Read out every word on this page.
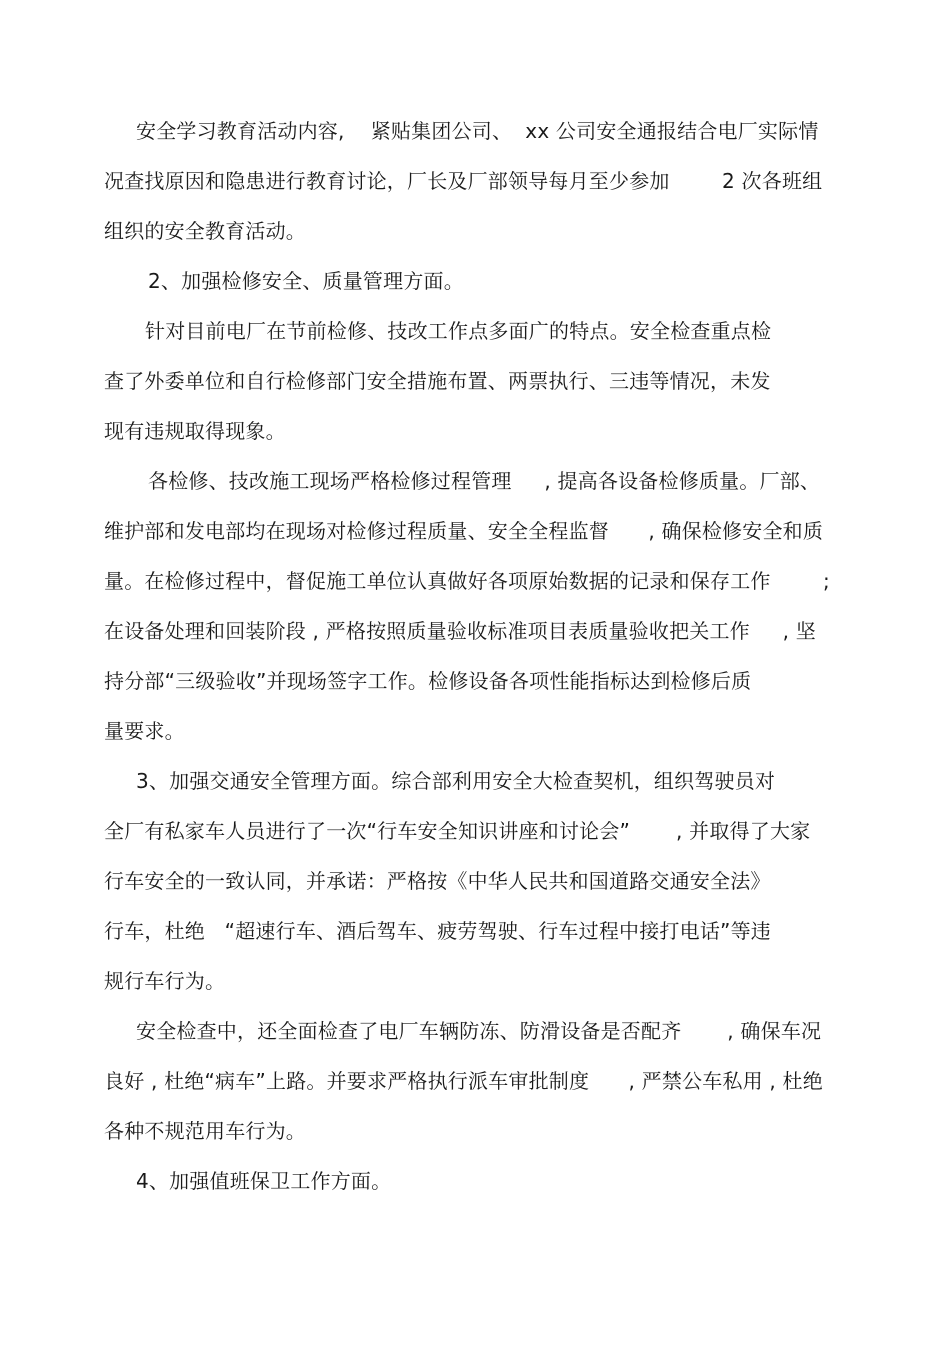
安全学习教育活动内容,    紧贴集团公司、  xx 公司安全通报结合电厂实际情
况查找原因和隐患进行教育讨论，厂长及厂部领导每月至少参加        2 次各班组
组织的安全教育活动。
2、加强检修安全、质量管理方面。
针对目前电厂在节前检修、技改工作点多面广的特点。安全检查重点检
查了外委单位和自行检修部门安全措施布置、两票执行、三违等情况，未发
现有违规取得现象。
各检修、技改施工现场严格检修过程管理     , 提高各设备检修质量。厂部、
维护部和发电部均在现场对检修过程质量、安全全程监督      , 确保检修安全和质
量。在检修过程中，督促施工单位认真做好各项原始数据的记录和保存工作        ;
在设备处理和回装阶段 , 严格按照质量验收标准项目表质量验收把关工作     , 坚
持分部“三级验收”并现场签字工作。检修设备各项性能指标达到检修后质
量要求。
3、加强交通安全管理方面。综合部利用安全大检查契机，组织驾驶员对
全厂有私家车人员进行了一次“行车安全知识讲座和讨论会”       , 并取得了大家
行车安全的一致认同，并承诺：严格按《中华人民共和国道路交通安全法》
行车，杜绝   “超速行车、酒后驾车、疲劳驾驶、行车过程中接打电话”等违
规行车行为。
安全检查中，还全面检查了电厂车辆防冻、防滑设备是否配齐       , 确保车况
良好 , 杜绝“病车”上路。并要求严格执行派车审批制度      , 严禁公车私用 , 杜绝
各种不规范用车行为。
4、加强值班保卫工作方面。
